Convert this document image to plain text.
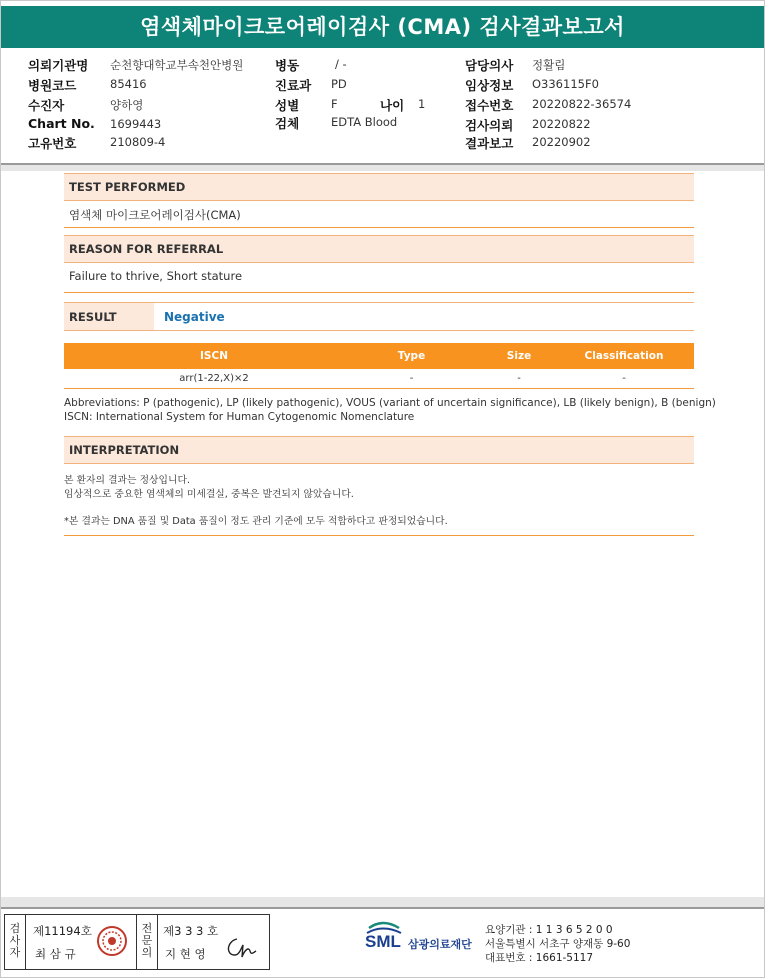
염색체마이크로어레이검사 (CMA) 검사결과보고서
의뢰기관명 순천향대학교부속천안병원
병원코드	85416
수진자	양하영
Chart No. 1699443
고유번호	210809-4
병동	/ -
진료과 PD
성별	F	나이 1
검체	EDTA Blood
담당의사 정활림
임상정보 O336115F0
접수번호 20220822-36574
검사의뢰 20220822
결과보고 20220902
TEST PERFORMED
염색체 마이크로어레이검사(CMA)
REASON FOR REFERRAL
Failure to thrive, Short stature
RESULT	Negative
ISCN	Type	Size	Classification
arr(1-22,X)×2	-	-	-
Abbreviations: P (pathogenic), LP (likely pathogenic), VOUS (variant of uncertain significance), LB (likely benign), B (benign)
ISCN: International System for Human Cytogenomic Nomenclature
INTERPRETATION
본 환자의 결과는 정상입니다.
임상적으로 중요한 염색체의 미세결실, 중복은 발견되지 않았습니다.
*본 결과는 DNA 품질 및 Data 품질이 정도 관리 기준에 모두 적합하다고 판정되었습니다.
검사자
제11194호
최 삼 규
전문의
제3 3 3 호
지 현 영
SML 삼광의료재단
요양기관 : 1 1 3 6 5 2 0 0
서울특별시 서초구 양재동 9-60
대표번호 : 1661-5117
